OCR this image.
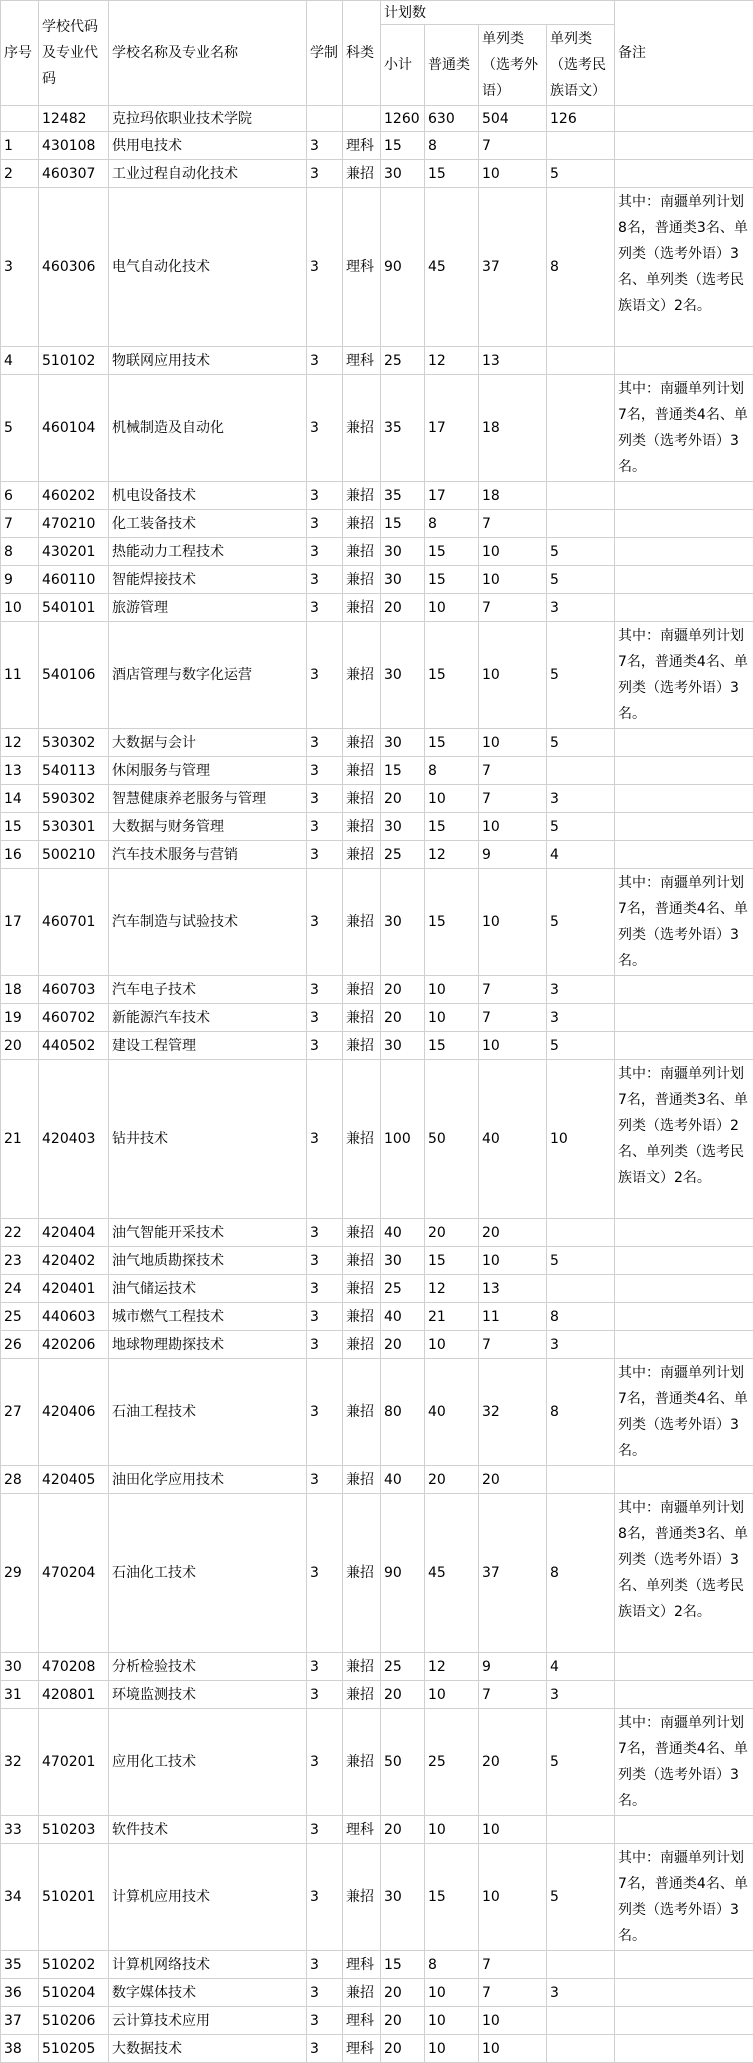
序号	学校代码及专业代码	学校名称及专业名称	学制	科类	计划数				备注
					小计	普通类	单列类（选考外语）	单列类（选考民族语文）	
	12482	克拉玛依职业技术学院			1260	630	504	126	
1	430108	供用电技术	3	理科	15	8	7		
2	460307	工业过程自动化技术	3	兼招	30	15	10	5	
3	460306	电气自动化技术	3	理科	90	45	37	8	其中：南疆单列计划8名，普通类3名、单列类（选考外语）3名、单列类（选考民族语文）2名。
4	510102	物联网应用技术	3	理科	25	12	13		
5	460104	机械制造及自动化	3	兼招	35	17	18		其中：南疆单列计划7名，普通类4名、单列类（选考外语）3名。
6	460202	机电设备技术	3	兼招	35	17	18		
7	470210	化工装备技术	3	兼招	15	8	7		
8	430201	热能动力工程技术	3	兼招	30	15	10	5	
9	460110	智能焊接技术	3	兼招	30	15	10	5	
10	540101	旅游管理	3	兼招	20	10	7	3	
11	540106	酒店管理与数字化运营	3	兼招	30	15	10	5	其中：南疆单列计划7名，普通类4名、单列类（选考外语）3名。
12	530302	大数据与会计	3	兼招	30	15	10	5	
13	540113	休闲服务与管理	3	兼招	15	8	7		
14	590302	智慧健康养老服务与管理	3	兼招	20	10	7	3	
15	530301	大数据与财务管理	3	兼招	30	15	10	5	
16	500210	汽车技术服务与营销	3	兼招	25	12	9	4	
17	460701	汽车制造与试验技术	3	兼招	30	15	10	5	其中：南疆单列计划7名，普通类4名、单列类（选考外语）3名。
18	460703	汽车电子技术	3	兼招	20	10	7	3	
19	460702	新能源汽车技术	3	兼招	20	10	7	3	
20	440502	建设工程管理	3	兼招	30	15	10	5	
21	420403	钻井技术	3	兼招	100	50	40	10	其中：南疆单列计划7名，普通类3名、单列类（选考外语）2名、单列类（选考民族语文）2名。
22	420404	油气智能开采技术	3	兼招	40	20	20		
23	420402	油气地质勘探技术	3	兼招	30	15	10	5	
24	420401	油气储运技术	3	兼招	25	12	13		
25	440603	城市燃气工程技术	3	兼招	40	21	11	8	
26	420206	地球物理勘探技术	3	兼招	20	10	7	3	
27	420406	石油工程技术	3	兼招	80	40	32	8	其中：南疆单列计划7名，普通类4名、单列类（选考外语）3名。
28	420405	油田化学应用技术	3	兼招	40	20	20		
29	470204	石油化工技术	3	兼招	90	45	37	8	其中：南疆单列计划8名，普通类3名、单列类（选考外语）3名、单列类（选考民族语文）2名。
30	470208	分析检验技术	3	兼招	25	12	9	4	
31	420801	环境监测技术	3	兼招	20	10	7	3	
32	470201	应用化工技术	3	兼招	50	25	20	5	其中：南疆单列计划7名，普通类4名、单列类（选考外语）3名。
33	510203	软件技术	3	理科	20	10	10		
34	510201	计算机应用技术	3	兼招	30	15	10	5	其中：南疆单列计划7名，普通类4名、单列类（选考外语）3名。
35	510202	计算机网络技术	3	理科	15	8	7		
36	510204	数字媒体技术	3	兼招	20	10	7	3	
37	510206	云计算技术应用	3	理科	20	10	10		
38	510205	大数据技术	3	理科	20	10	10		
